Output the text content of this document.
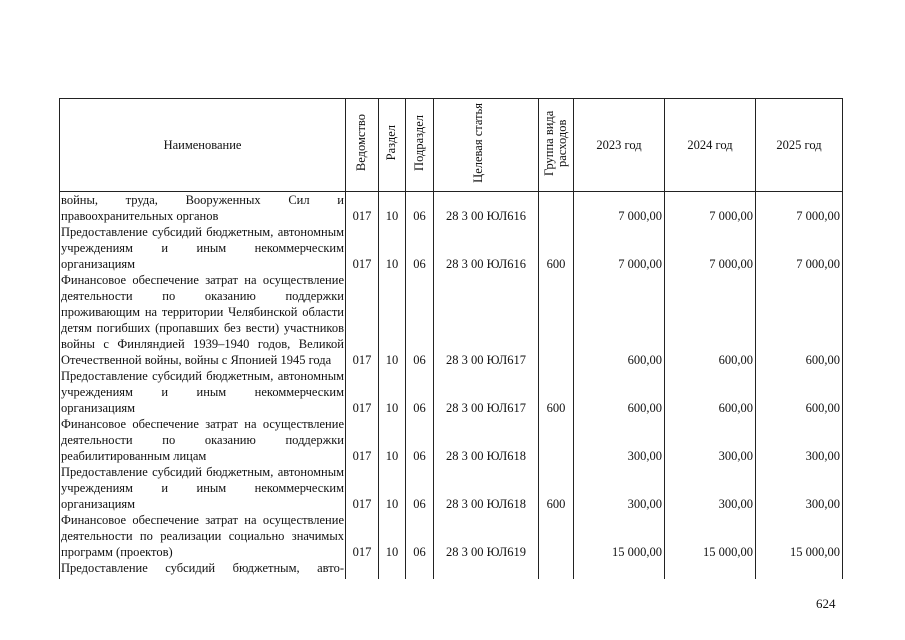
Наименование	Ведомство	Раздел	Подраздел	Целевая статья	Группа вида расходов	2023 год	2024 год	2025 год
войны, труда, Вооруженных Сил и правоохранительных органов	017	10	06	28 3 00 ЮЛ616		7 000,00	7 000,00	7 000,00
Предоставление субсидий бюджетным, автономным учреждениям и иным некоммерческим организациям	017	10	06	28 3 00 ЮЛ616	600	7 000,00	7 000,00	7 000,00
Финансовое обеспечение затрат на осуществление деятельности по оказанию поддержки проживающим на территории Челябинской области детям погибших (пропавших без вести) участников войны с Финляндией 1939–1940 годов, Великой Отечественной войны, войны с Японией 1945 года	017	10	06	28 3 00 ЮЛ617		600,00	600,00	600,00
Предоставление субсидий бюджетным, автономным учреждениям и иным некоммерческим организациям	017	10	06	28 3 00 ЮЛ617	600	600,00	600,00	600,00
Финансовое обеспечение затрат на осуществление деятельности по оказанию поддержки реабилитированным лицам	017	10	06	28 3 00 ЮЛ618		300,00	300,00	300,00
Предоставление субсидий бюджетным, автономным учреждениям и иным некоммерческим организациям	017	10	06	28 3 00 ЮЛ618	600	300,00	300,00	300,00
Финансовое обеспечение затрат на осуществление деятельности по реализации социально значимых программ (проектов)	017	10	06	28 3 00 ЮЛ619		15 000,00	15 000,00	15 000,00
Предоставление субсидий бюджетным, авто-								
624
